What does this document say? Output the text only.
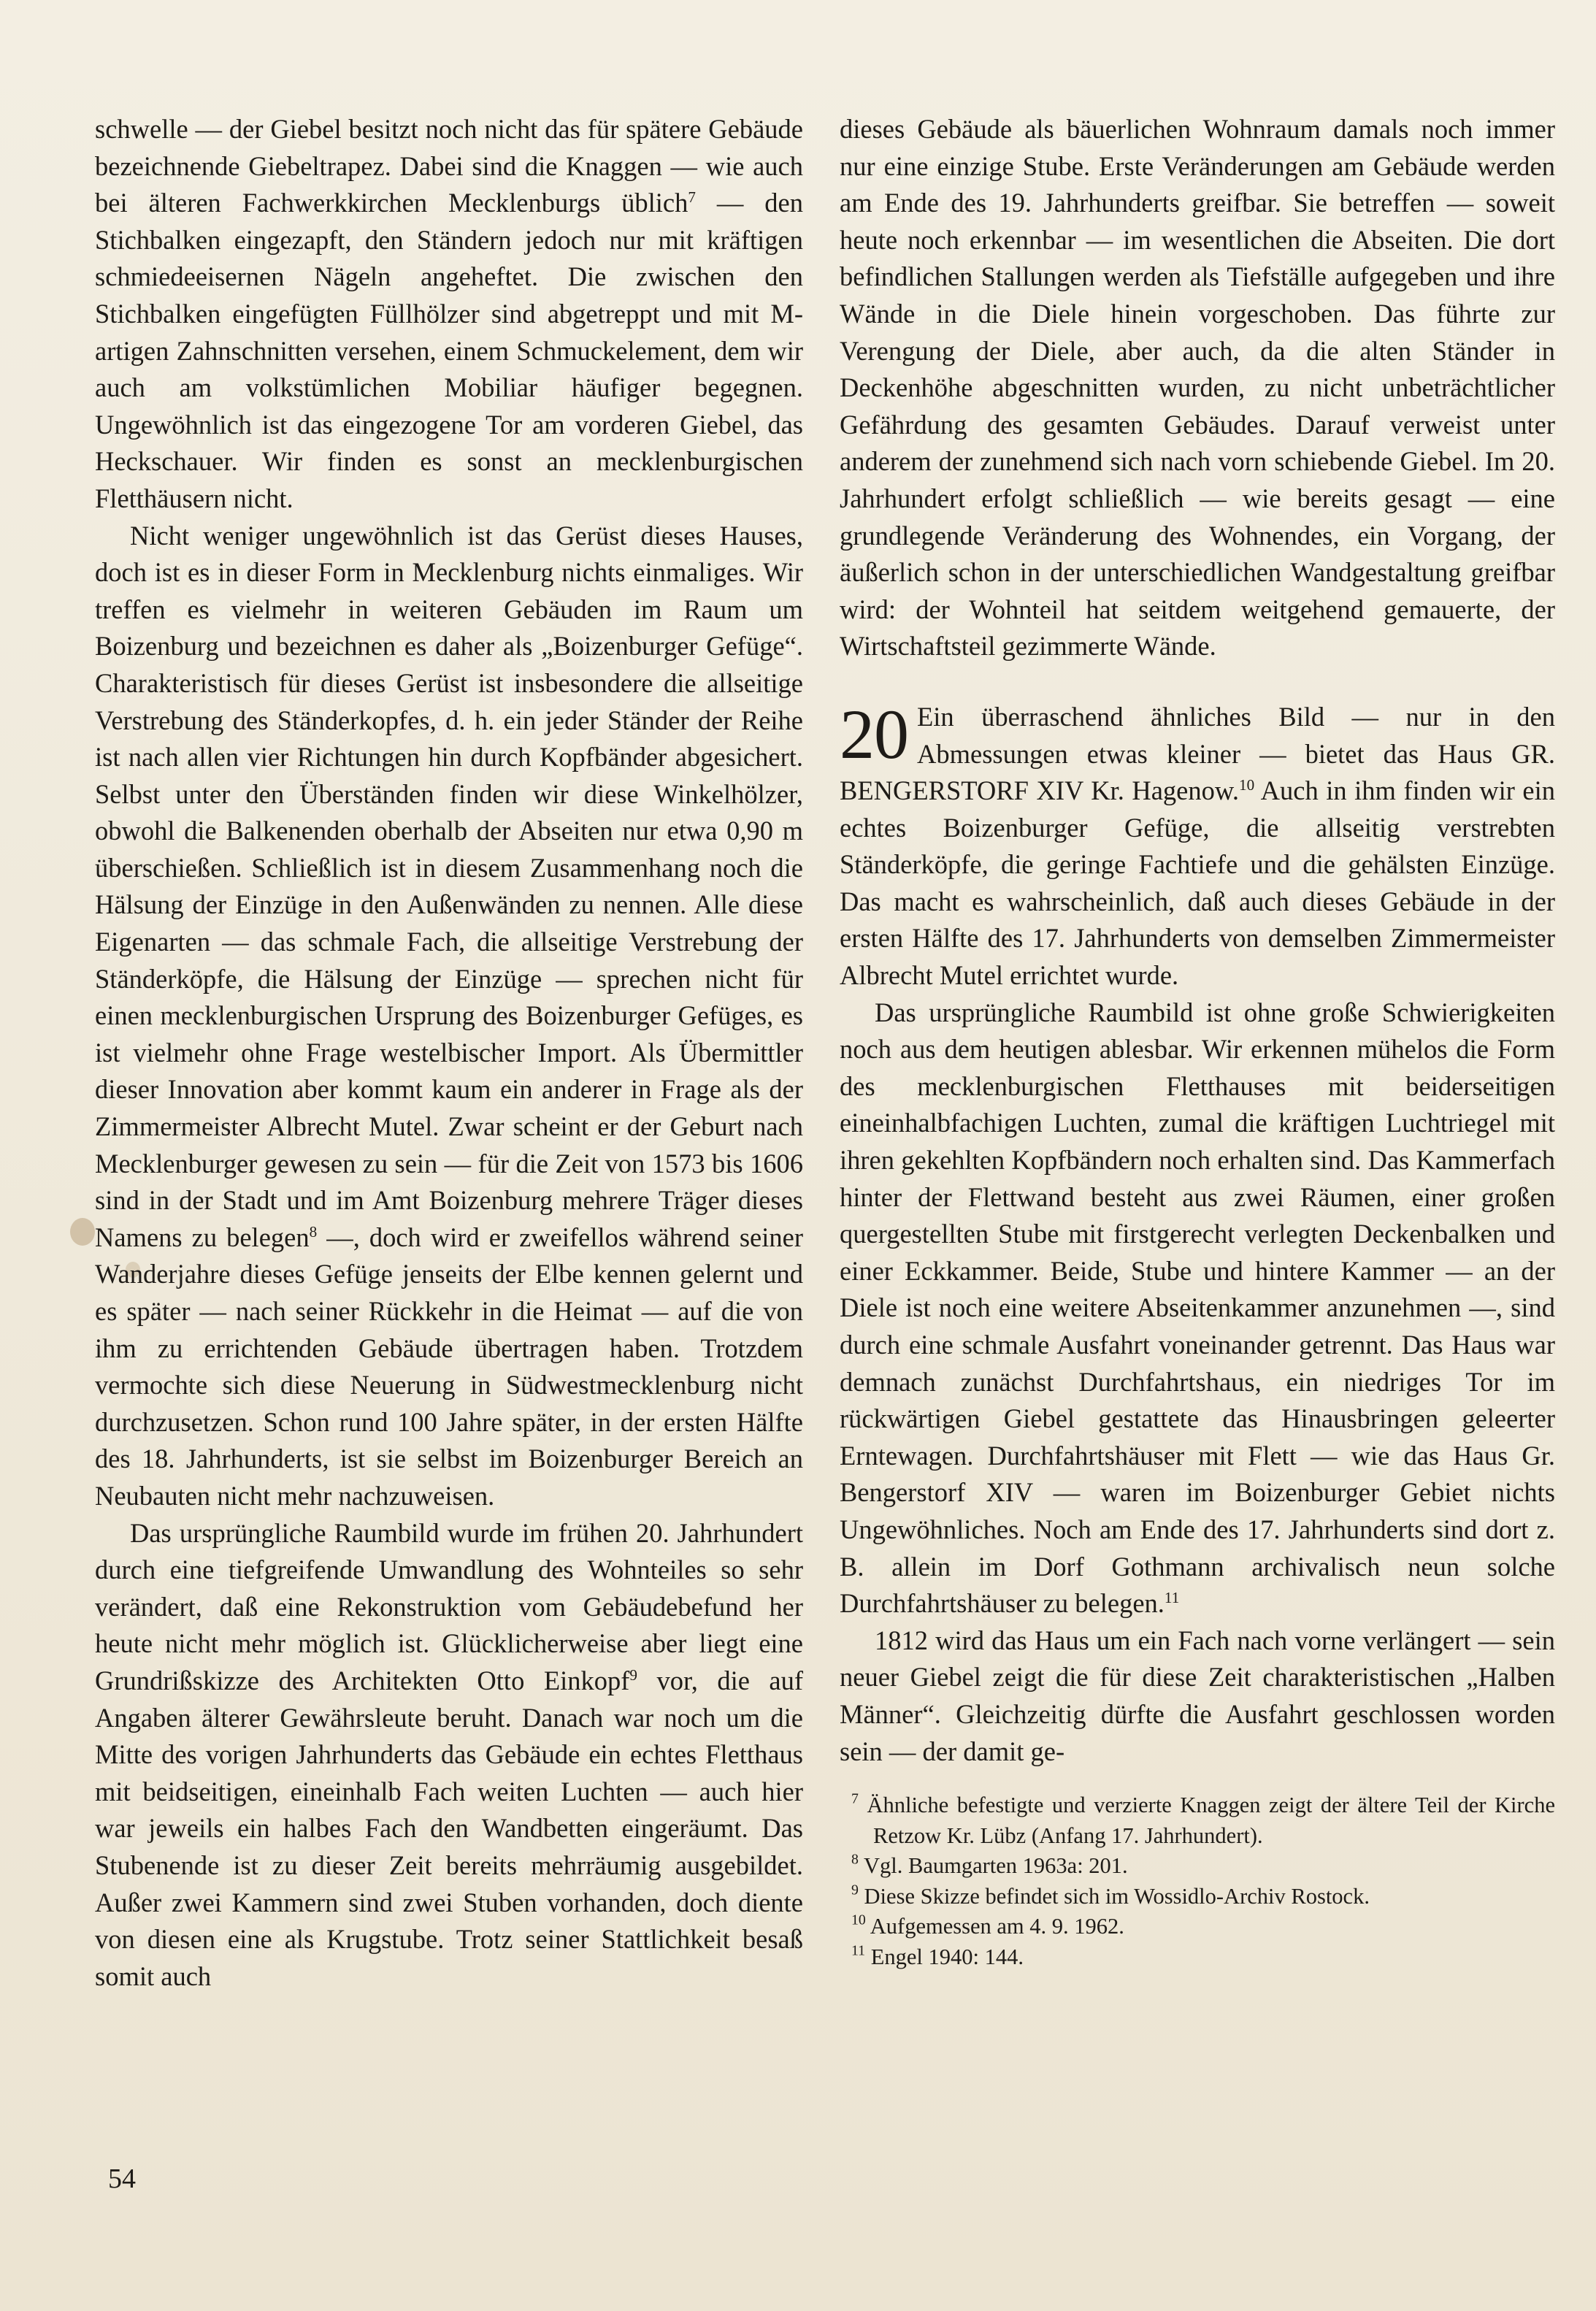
schwelle — der Giebel besitzt noch nicht das für spätere Gebäude bezeichnende Giebeltrapez. Dabei sind die Knaggen — wie auch bei älteren Fachwerkkirchen Mecklenburgs üblich$^7$ — den Stichbalken eingezapft, den Ständern jedoch nur mit kräftigen schmiedeeisernen Nägeln angeheftet. Die zwischen den Stichbalken eingefügten Füllhölzer sind abgetreppt und mit M-artigen Zahnschnitten versehen, einem Schmuckelement, dem wir auch am volkstümlichen Mobiliar häufiger begegnen. Ungewöhnlich ist das eingezogene Tor am vorderen Giebel, das Heckschauer. Wir finden es sonst an mecklenburgischen Fletthäusern nicht.

Nicht weniger ungewöhnlich ist das Gerüst dieses Hauses, doch ist es in dieser Form in Mecklenburg nichts einmaliges. Wir treffen es vielmehr in weiteren Gebäuden im Raum um Boizenburg und bezeichnen es daher als „Boizenburger Gefüge“. Charakteristisch für dieses Gerüst ist insbesondere die allseitige Verstrebung des Ständerkopfes, d. h. ein jeder Ständer der Reihe ist nach allen vier Richtungen hin durch Kopfbänder abgesichert. Selbst unter den Überständen finden wir diese Winkelhölzer, obwohl die Balkenenden oberhalb der Abseiten nur etwa 0,90 m überschießen. Schließlich ist in diesem Zusammenhang noch die Hälsung der Einzüge in den Außenwänden zu nennen. Alle diese Eigenarten — das schmale Fach, die allseitige Verstrebung der Ständerköpfe, die Hälsung der Einzüge — sprechen nicht für einen mecklenburgischen Ursprung des Boizenburger Gefüges, es ist vielmehr ohne Frage westelbischer Import. Als Übermittler dieser Innovation aber kommt kaum ein anderer in Frage als der Zimmermeister Albrecht Mutel. Zwar scheint er der Geburt nach Mecklenburger gewesen zu sein — für die Zeit von 1573 bis 1606 sind in der Stadt und im Amt Boizenburg mehrere Träger dieses Namens zu belegen$^8$ —, doch wird er zweifellos während seiner Wanderjahre dieses Gefüge jenseits der Elbe kennen gelernt und es später — nach seiner Rückkehr in die Heimat — auf die von ihm zu errichtenden Gebäude übertragen haben. Trotzdem vermochte sich diese Neuerung in Südwestmecklenburg nicht durchzusetzen. Schon rund 100 Jahre später, in der ersten Hälfte des 18. Jahrhunderts, ist sie selbst im Boizenburger Bereich an Neubauten nicht mehr nachzuweisen.

Das ursprüngliche Raumbild wurde im frühen 20. Jahrhundert durch eine tiefgreifende Umwandlung des Wohnteiles so sehr verändert, daß eine Rekonstruktion vom Gebäudebefund her heute nicht mehr möglich ist. Glücklicherweise aber liegt eine Grundrißskizze des Architekten Otto Einkopf$^9$ vor, die auf Angaben älterer Gewährsleute beruht. Danach war noch um die Mitte des vorigen Jahrhunderts das Gebäude ein echtes Fletthaus mit beidseitigen, eineinhalb Fach weiten Luchten — auch hier war jeweils ein halbes Fach den Wandbetten eingeräumt. Das Stubenende ist zu dieser Zeit bereits mehrräumig ausgebildet. Außer zwei Kammern sind zwei Stuben vorhanden, doch diente von diesen eine als Krugstube. Trotz seiner Stattlichkeit besaß somit auch

dieses Gebäude als bäuerlichen Wohnraum damals noch immer nur eine einzige Stube. Erste Veränderungen am Gebäude werden am Ende des 19. Jahrhunderts greifbar. Sie betreffen — soweit heute noch erkennbar — im wesentlichen die Abseiten. Die dort befindlichen Stallungen werden als Tiefställe aufgegeben und ihre Wände in die Diele hinein vorgeschoben. Das führte zur Verengung der Diele, aber auch, da die alten Ständer in Deckenhöhe abgeschnitten wurden, zu nicht unbeträchtlicher Gefährdung des gesamten Gebäudes. Darauf verweist unter anderem der zunehmend sich nach vorn schiebende Giebel. Im 20. Jahrhundert erfolgt schließlich — wie bereits gesagt — eine grundlegende Veränderung des Wohnendes, ein Vorgang, der äußerlich schon in der unterschiedlichen Wandgestaltung greifbar wird: der Wohnteil hat seitdem weitgehend gemauerte, der Wirtschaftsteil gezimmerte Wände.

20 Ein überraschend ähnliches Bild — nur in den Abmessungen etwas kleiner — bietet das Haus GR. BENGERSTORF XIV Kr. Hagenow.$^{10}$ Auch in ihm finden wir ein echtes Boizenburger Gefüge, die allseitig verstrebten Ständerköpfe, die geringe Fachtiefe und die gehälsten Einzüge. Das macht es wahrscheinlich, daß auch dieses Gebäude in der ersten Hälfte des 17. Jahrhunderts von demselben Zimmermeister Albrecht Mutel errichtet wurde.

Das ursprüngliche Raumbild ist ohne große Schwierigkeiten noch aus dem heutigen ablesbar. Wir erkennen mühelos die Form des mecklenburgischen Fletthauses mit beiderseitigen eineinhalbfachigen Luchten, zumal die kräftigen Luchtriegel mit ihren gekehlten Kopfbändern noch erhalten sind. Das Kammerfach hinter der Flettwand besteht aus zwei Räumen, einer großen quergestellten Stube mit firstgerecht verlegten Deckenbalken und einer Eckkammer. Beide, Stube und hintere Kammer — an der Diele ist noch eine weitere Abseitenkammer anzunehmen —, sind durch eine schmale Ausfahrt voneinander getrennt. Das Haus war demnach zunächst Durchfahrtshaus, ein niedriges Tor im rückwärtigen Giebel gestattete das Hinausbringen geleerter Erntewagen. Durchfahrtshäuser mit Flett — wie das Haus Gr. Bengerstorf XIV — waren im Boizenburger Gebiet nichts Ungewöhnliches. Noch am Ende des 17. Jahrhunderts sind dort z. B. allein im Dorf Gothmann archivalisch neun solche Durchfahrtshäuser zu belegen.$^{11}$

1812 wird das Haus um ein Fach nach vorne verlängert — sein neuer Giebel zeigt die für diese Zeit charakteristischen „Halben Männer“. Gleichzeitig dürfte die Ausfahrt geschlossen worden sein — der damit ge-

$^7$ Ähnliche befestigte und verzierte Knaggen zeigt der ältere Teil der Kirche Retzow Kr. Lübz (Anfang 17. Jahrhundert).

$^8$ Vgl. Baumgarten 1963a: 201.

$^9$ Diese Skizze befindet sich im Wossidlo-Archiv Rostock.

$^{10}$ Aufgemessen am 4. 9. 1962.

$^{11}$ Engel 1940: 144.

54
